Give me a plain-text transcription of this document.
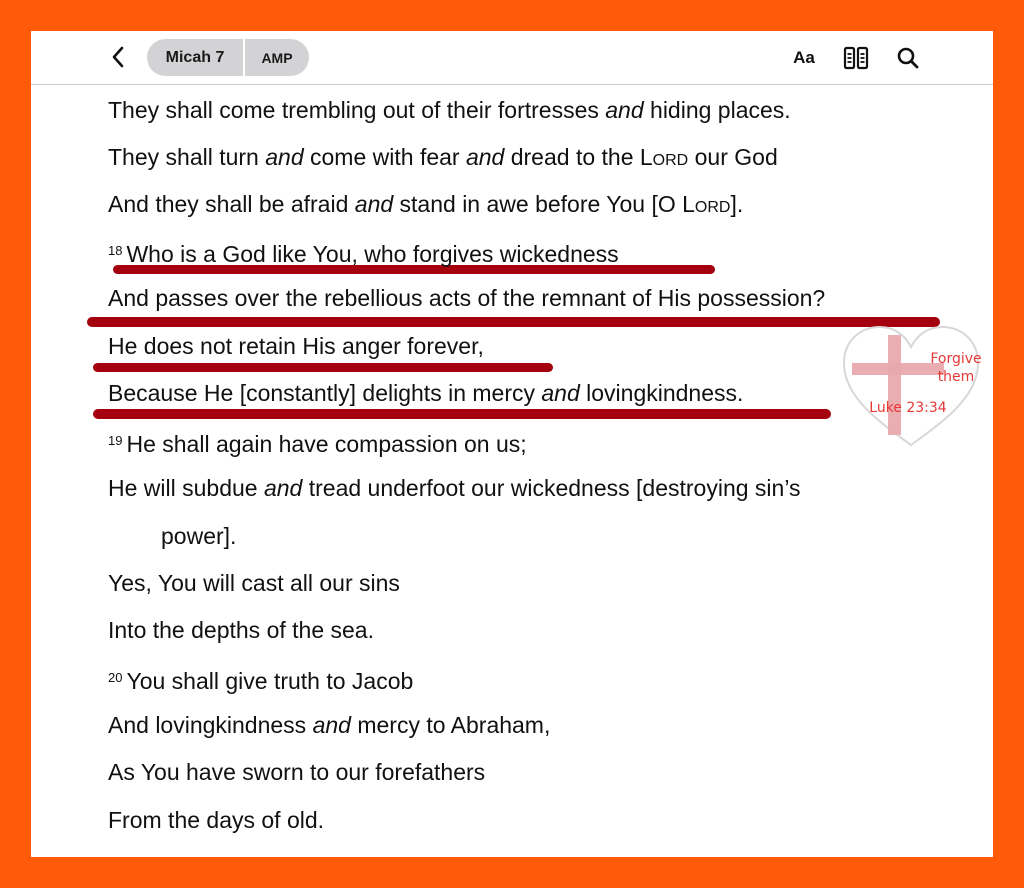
Micah 7	AMP	Aa
They shall come trembling out of their fortresses and hiding places.
They shall turn and come with fear and dread to the Lord our God
And they shall be afraid and stand in awe before You [O Lord].
$^{18}$ Who is a God like You, who forgives wickedness
And passes over the rebellious acts of the remnant of His possession?
He does not retain His anger forever,
Because He [constantly] delights in mercy and lovingkindness.
$^{19}$ He shall again have compassion on us;
He will subdue and tread underfoot our wickedness [destroying sin’s
power].
Yes, You will cast all our sins
Into the depths of the sea.
$^{20}$ You shall give truth to Jacob
And lovingkindness and mercy to Abraham,
As You have sworn to our forefathers
From the days of old.
Forgive
them
Luke 23:34
